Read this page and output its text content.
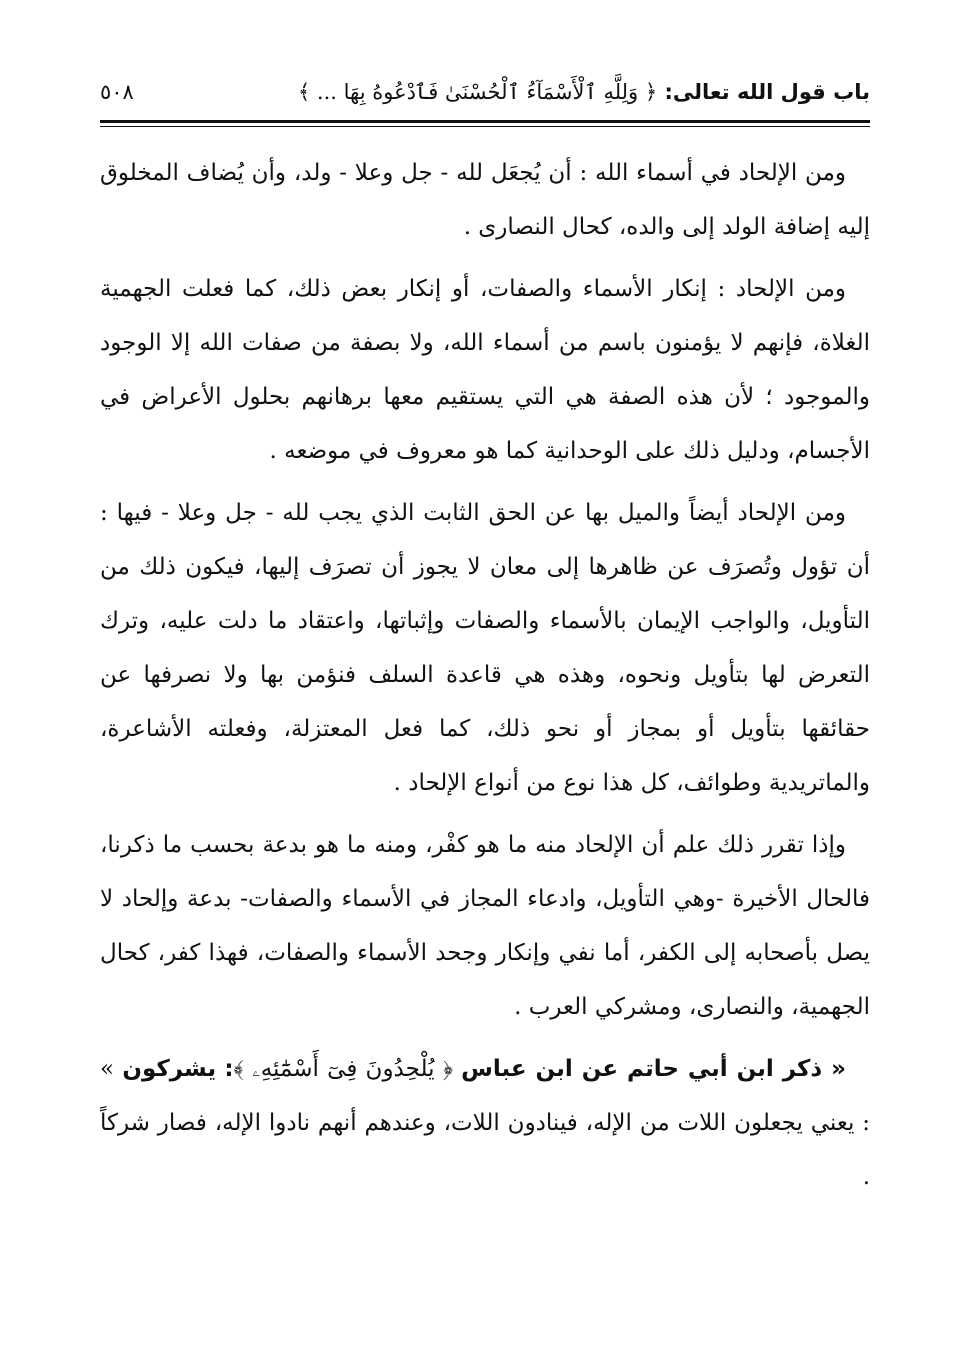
باب قول الله تعالى: ﴿ وَلِلَّهِ ٱلْأَسْمَآءُ ٱلْحُسْنَىٰ فَٱدْعُوهُ بِهَا ... ﴾
٥٠٨

ومن الإلحاد في أسماء الله : أن يُجعَل لله - جل وعلا - ولد، وأن يُضاف المخلوق إليه إضافة الولد إلى والده، كحال النصارى .

ومن الإلحاد : إنكار الأسماء والصفات، أو إنكار بعض ذلك، كما فعلت الجهمية الغلاة، فإنهم لا يؤمنون باسم من أسماء الله، ولا بصفة من صفات الله إلا الوجود والموجود ؛ لأن هذه الصفة هي التي يستقيم معها برهانهم بحلول الأعراض في الأجسام، ودليل ذلك على الوحدانية كما هو معروف في موضعه .

ومن الإلحاد أيضاً والميل بها عن الحق الثابت الذي يجب لله - جل وعلا - فيها : أن تؤول وتُصرَف عن ظاهرها إلى معان لا يجوز أن تصرَف إليها، فيكون ذلك من التأويل، والواجب الإيمان بالأسماء والصفات وإثباتها، واعتقاد ما دلت عليه، وترك التعرض لها بتأويل ونحوه، وهذه هي قاعدة السلف فنؤمن بها ولا نصرفها عن حقائقها بتأويل أو بمجاز أو نحو ذلك، كما فعل المعتزلة، وفعلته الأشاعرة، والماتريدية وطوائف، كل هذا نوع من أنواع الإلحاد .

وإذا تقرر ذلك علم أن الإلحاد منه ما هو كفْر، ومنه ما هو بدعة بحسب ما ذكرنا، فالحال الأخيرة -وهي التأويل، وادعاء المجاز في الأسماء والصفات- بدعة وإلحاد لا يصل بأصحابه إلى الكفر، أما نفي وإنكار وجحد الأسماء والصفات، فهذا كفر، كحال الجهمية، والنصارى، ومشركي العرب .

« ذكر ابن أبي حاتم عن ابن عباس ﴿ يُلْحِدُونَ فِىٓ أَسْمَٰٓئِهِۦ ﴾: يشركون » : يعني يجعلون اللات من الإله، فينادون اللات، وعندهم أنهم نادوا الإله، فصار شركاً .
